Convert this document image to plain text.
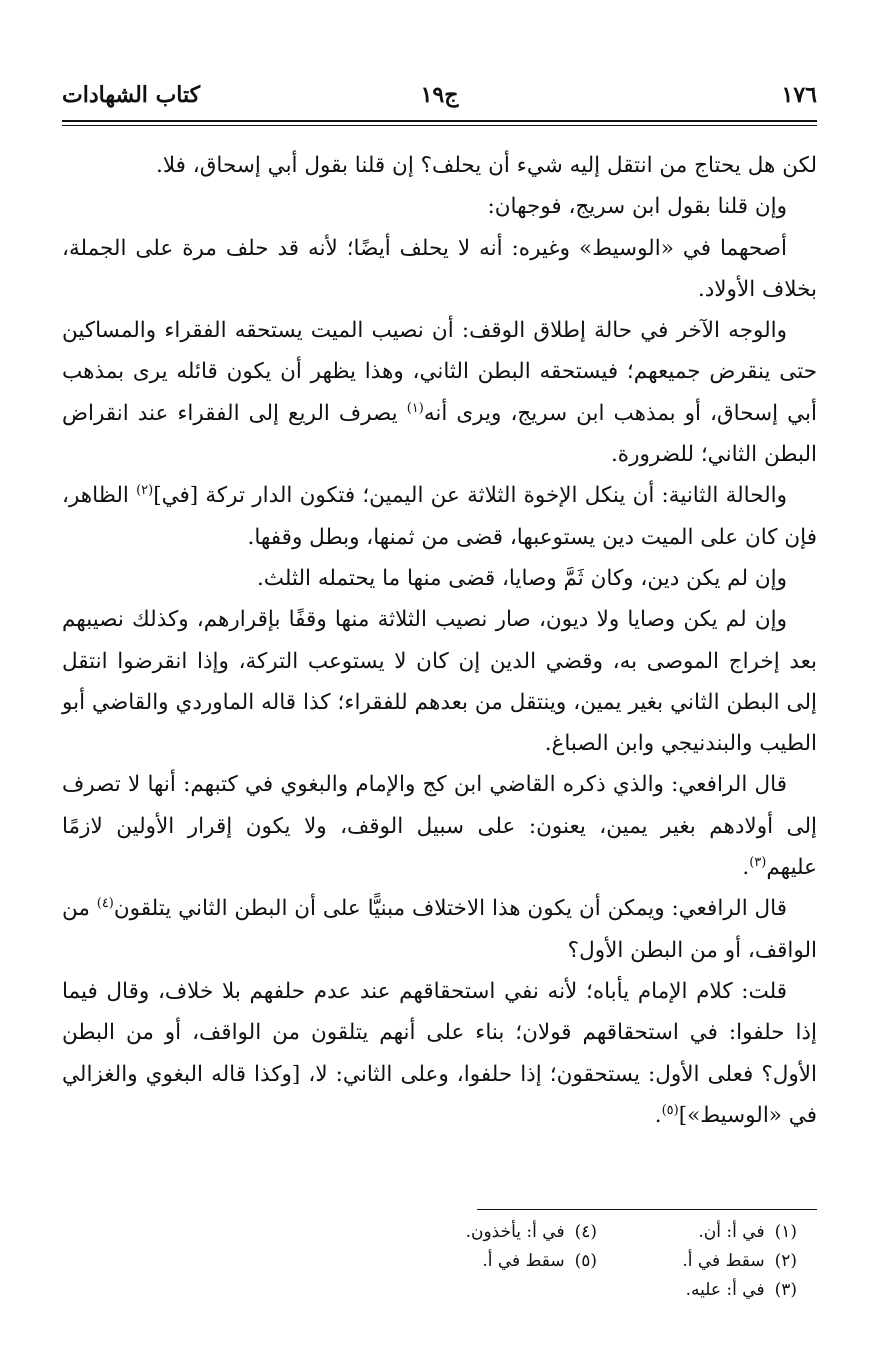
١٧٦
ج١٩
كتاب الشهادات

لكن هل يحتاج من انتقل إليه شيء أن يحلف؟ إن قلنا بقول أبي إسحاق، فلا.

وإن قلنا بقول ابن سريج، فوجهان:

أصحهما في «الوسيط» وغيره: أنه لا يحلف أيضًا؛ لأنه قد حلف مرة على الجملة، بخلاف الأولاد.

والوجه الآخر في حالة إطلاق الوقف: أن نصيب الميت يستحقه الفقراء والمساكين حتى ينقرض جميعهم؛ فيستحقه البطن الثاني، وهذا يظهر أن يكون قائله يرى بمذهب أبي إسحاق، أو بمذهب ابن سريج، ويرى أنه$^{(١)}$ يصرف الريع إلى الفقراء عند انقراض البطن الثاني؛ للضرورة.

والحالة الثانية: أن ينكل الإخوة الثلاثة عن اليمين؛ فتكون الدار تركة [في]$^{(٢)}$ الظاهر، فإن كان على الميت دين يستوعبها، قضى من ثمنها، وبطل وقفها.

وإن لم يكن دين، وكان ثَمَّ وصايا، قضى منها ما يحتمله الثلث.

وإن لم يكن وصايا ولا ديون، صار نصيب الثلاثة منها وقفًا بإقرارهم، وكذلك نصيبهم بعد إخراج الموصى به، وقضي الدين إن كان لا يستوعب التركة، وإذا انقرضوا انتقل إلى البطن الثاني بغير يمين، وينتقل من بعدهم للفقراء؛ كذا قاله الماوردي والقاضي أبو الطيب والبندنيجي وابن الصباغ.

قال الرافعي: والذي ذكره القاضي ابن كج والإمام والبغوي في كتبهم: أنها لا تصرف إلى أولادهم بغير يمين، يعنون: على سبيل الوقف، ولا يكون إقرار الأولين لازمًا عليهم$^{(٣)}$.

قال الرافعي: ويمكن أن يكون هذا الاختلاف مبنيًّا على أن البطن الثاني يتلقون$^{(٤)}$ من الواقف، أو من البطن الأول؟

قلت: كلام الإمام يأباه؛ لأنه نفي استحقاقهم عند عدم حلفهم بلا خلاف، وقال فيما إذا حلفوا: في استحقاقهم قولان؛ بناء على أنهم يتلقون من الواقف، أو من البطن الأول؟ فعلى الأول: يستحقون؛ إذا حلفوا، وعلى الثاني: لا، [وكذا قاله البغوي والغزالي في «الوسيط»]$^{(٥)}$.

(١)في أ: أن.
(٢)سقط في أ.
(٣)في أ: عليه.
(٤)في أ: يأخذون.
(٥)سقط في أ.
